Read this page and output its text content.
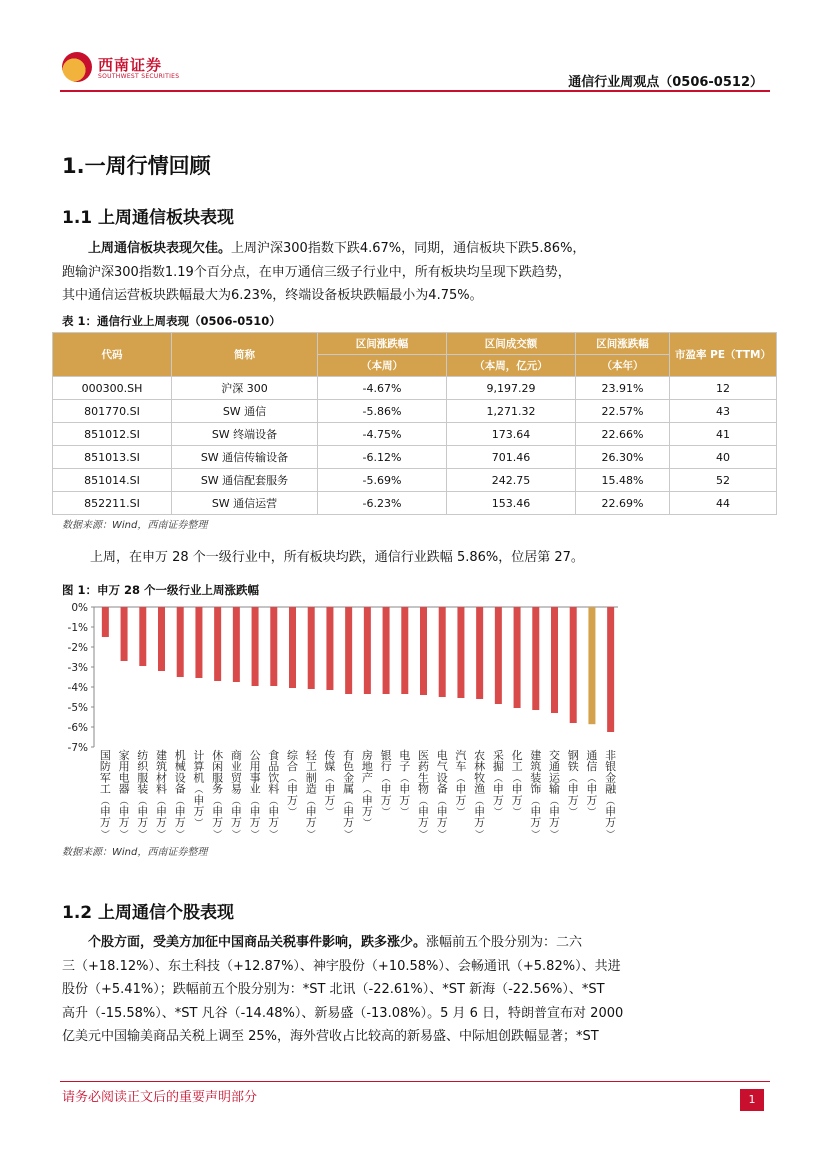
西南证券
SOUTHWEST SECURITIES	通信行业周观点（0506-0512）
1.一周行情回顾
1.1 上周通信板块表现
  上周通信板块表现欠佳。上周沪深300指数下跌4.67%，同期，通信板块下跌5.86%，
跑输沪深300指数1.19个百分点，在申万通信三级子行业中，所有板块均呈现下跌趋势，
其中通信运营板块跌幅最大为6.23%，终端设备板块跌幅最小为4.75%。
表 1：通信行业上周表现（0506-0510）
代码	简称	区间涨跌幅	区间成交额	区间涨跌幅	市盈率 PE（TTM）
		（本周）	（本周，亿元）	（本年）	
000300.SH	沪深 300	-4.67%	9,197.29	23.91%	12
801770.SI	SW 通信	-5.86%	1,271.32	22.57%	43
851012.SI	SW 终端设备	-4.75%	173.64	22.66%	41
851013.SI	SW 通信传输设备	-6.12%	701.46	26.30%	40
851014.SI	SW 通信配套服务	-5.69%	242.75	15.48%	52
852211.SI	SW 通信运营	-6.23%	153.46	22.69%	44
数据来源：Wind，西南证券整理
上周，在申万 28 个一级行业中，所有板块均跌，通信行业跌幅 5.86%，位居第 27。
图 1：申万 28 个一级行业上周涨跌幅
0%
-1%
-2%
-3%
-4%
-5%
-6%
-7%
国防军工︵申万︶
家用电器︵申万︶
纺织服装︵申万︶
建筑材料︵申万︶
机械设备︵申万︶
计算机︵申万︶
休闲服务︵申万︶
商业贸易︵申万︶
公用事业︵申万︶
食品饮料︵申万︶
综合︵申万︶
轻工制造︵申万︶
传媒︵申万︶
有色金属︵申万︶
房地产︵申万︶
银行︵申万︶
电子︵申万︶
医药生物︵申万︶
电气设备︵申万︶
汽车︵申万︶
农林牧渔︵申万︶
采掘︵申万︶
化工︵申万︶
建筑装饰︵申万︶
交通运输︵申万︶
钢铁︵申万︶
通信︵申万︶
非银金融︵申万︶
数据来源：Wind，西南证券整理
1.2 上周通信个股表现
  个股方面，受美方加征中国商品关税事件影响，跌多涨少。涨幅前五个股分别为：二六
三（+18.12%）、东土科技（+12.87%）、神宇股份（+10.58%）、会畅通讯（+5.82%）、共进
股份（+5.41%）；跌幅前五个股分别为：*ST 北讯（-22.61%）、*ST 新海（-22.56%）、*ST
高升（-15.58%）、*ST 凡谷（-14.48%）、新易盛（-13.08%）。5 月 6 日，特朗普宣布对 2000
亿美元中国输美商品关税上调至 25%，海外营收占比较高的新易盛、中际旭创跌幅显著；*ST
请务必阅读正文后的重要声明部分	1
